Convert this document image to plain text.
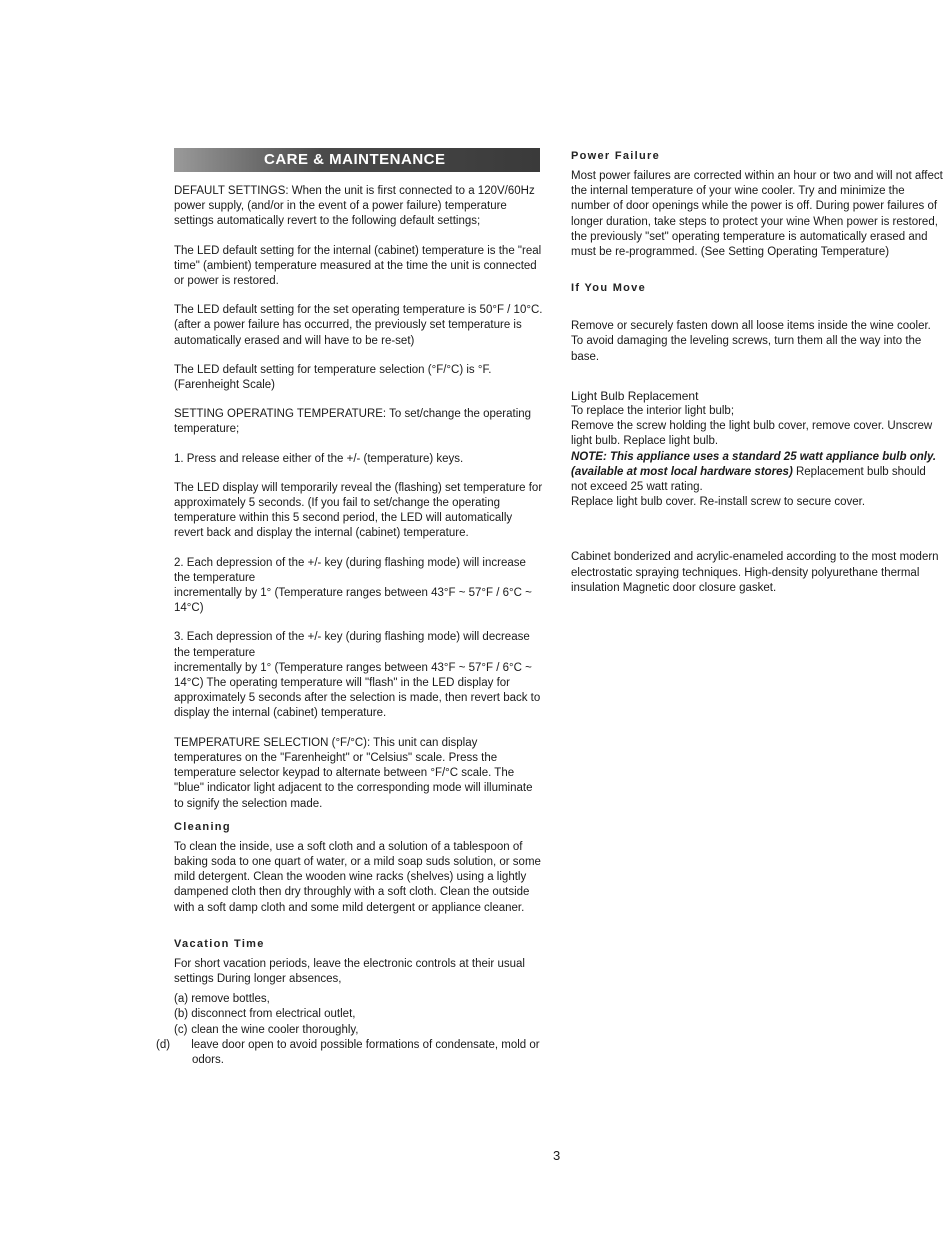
CARE & MAINTENANCE

DEFAULT SETTINGS: When the unit is first connected to a 120V/60Hz power supply, (and/or in the event of a power failure) temperature settings automatically revert to the following default settings;

The LED default setting for the internal (cabinet) temperature is the "real time" (ambient) temperature measured at the time the unit is connected or power is restored.

The LED default setting for the set operating temperature is 50°F / 10°C. (after a power failure has occurred, the previously set temperature is automatically erased and will have to be re-set)

The LED default setting for temperature selection (°F/°C) is °F. (Farenheight Scale)

SETTING OPERATING TEMPERATURE: To set/change the operating temperature;

1. Press and release either of the +/- (temperature) keys.

The LED display will temporarily reveal the (flashing) set temperature for approximately 5 seconds. (If you fail to set/change the operating temperature within this 5 second period, the LED will automatically revert back and display the internal (cabinet) temperature.

2. Each depression of the +/- key (during flashing mode) will increase the temperature

incrementally by 1° (Temperature ranges between 43°F ~ 57°F / 6°C ~ 14°C)

3. Each depression of the +/- key (during flashing mode) will decrease the temperature

incrementally by 1° (Temperature ranges between 43°F ~ 57°F / 6°C ~ 14°C) The operating temperature will "flash" in the LED display for approximately 5 seconds after the selection is made, then revert back to display the internal (cabinet) temperature.

TEMPERATURE SELECTION (°F/°C): This unit can display temperatures on the "Farenheight" or "Celsius" scale. Press the temperature selector keypad to alternate between °F/°C scale. The "blue" indicator light adjacent to the corresponding mode will illuminate to signify the selection made.

Cleaning

To clean the inside, use a soft cloth and a solution of a tablespoon of baking soda to one quart of water, or a mild soap suds solution, or some mild detergent. Clean the wooden wine racks (shelves) using a lightly dampened cloth then dry throughly with a soft cloth. Clean the outside with a soft damp cloth and some mild detergent or appliance cleaner.

Vacation Time

For short vacation periods, leave the electronic controls at their usual settings During longer absences,

(a) remove bottles,

(b) disconnect from electrical outlet,

(c) clean the wine cooler thoroughly,

(d) leave door open to avoid possible formations of condensate, mold or odors.

Power Failure

Most power failures are corrected within an hour or two and will not affect the internal temperature of your wine cooler. Try and minimize the number of door openings while the power is off. During power failures of longer duration, take steps to protect your wine When power is restored, the previously "set" operating temperature is automatically erased and must be re-programmed. (See Setting Operating Temperature)

If You Move

Remove or securely fasten down all loose items inside the wine cooler. To avoid damaging the leveling screws, turn them all the way into the base.

Light Bulb Replacement

To replace the interior light bulb;

Remove the screw holding the light bulb cover, remove cover. Unscrew light bulb. Replace light bulb.

NOTE: This appliance uses a standard 25 watt appliance bulb only. (available at most local hardware stores) Replacement bulb should not exceed 25 watt rating.

Replace light bulb cover. Re-install screw to secure cover.

Cabinet bonderized and acrylic-enameled according to the most modern electrostatic spraying techniques. High-density polyurethane thermal insulation Magnetic door closure gasket.

3
